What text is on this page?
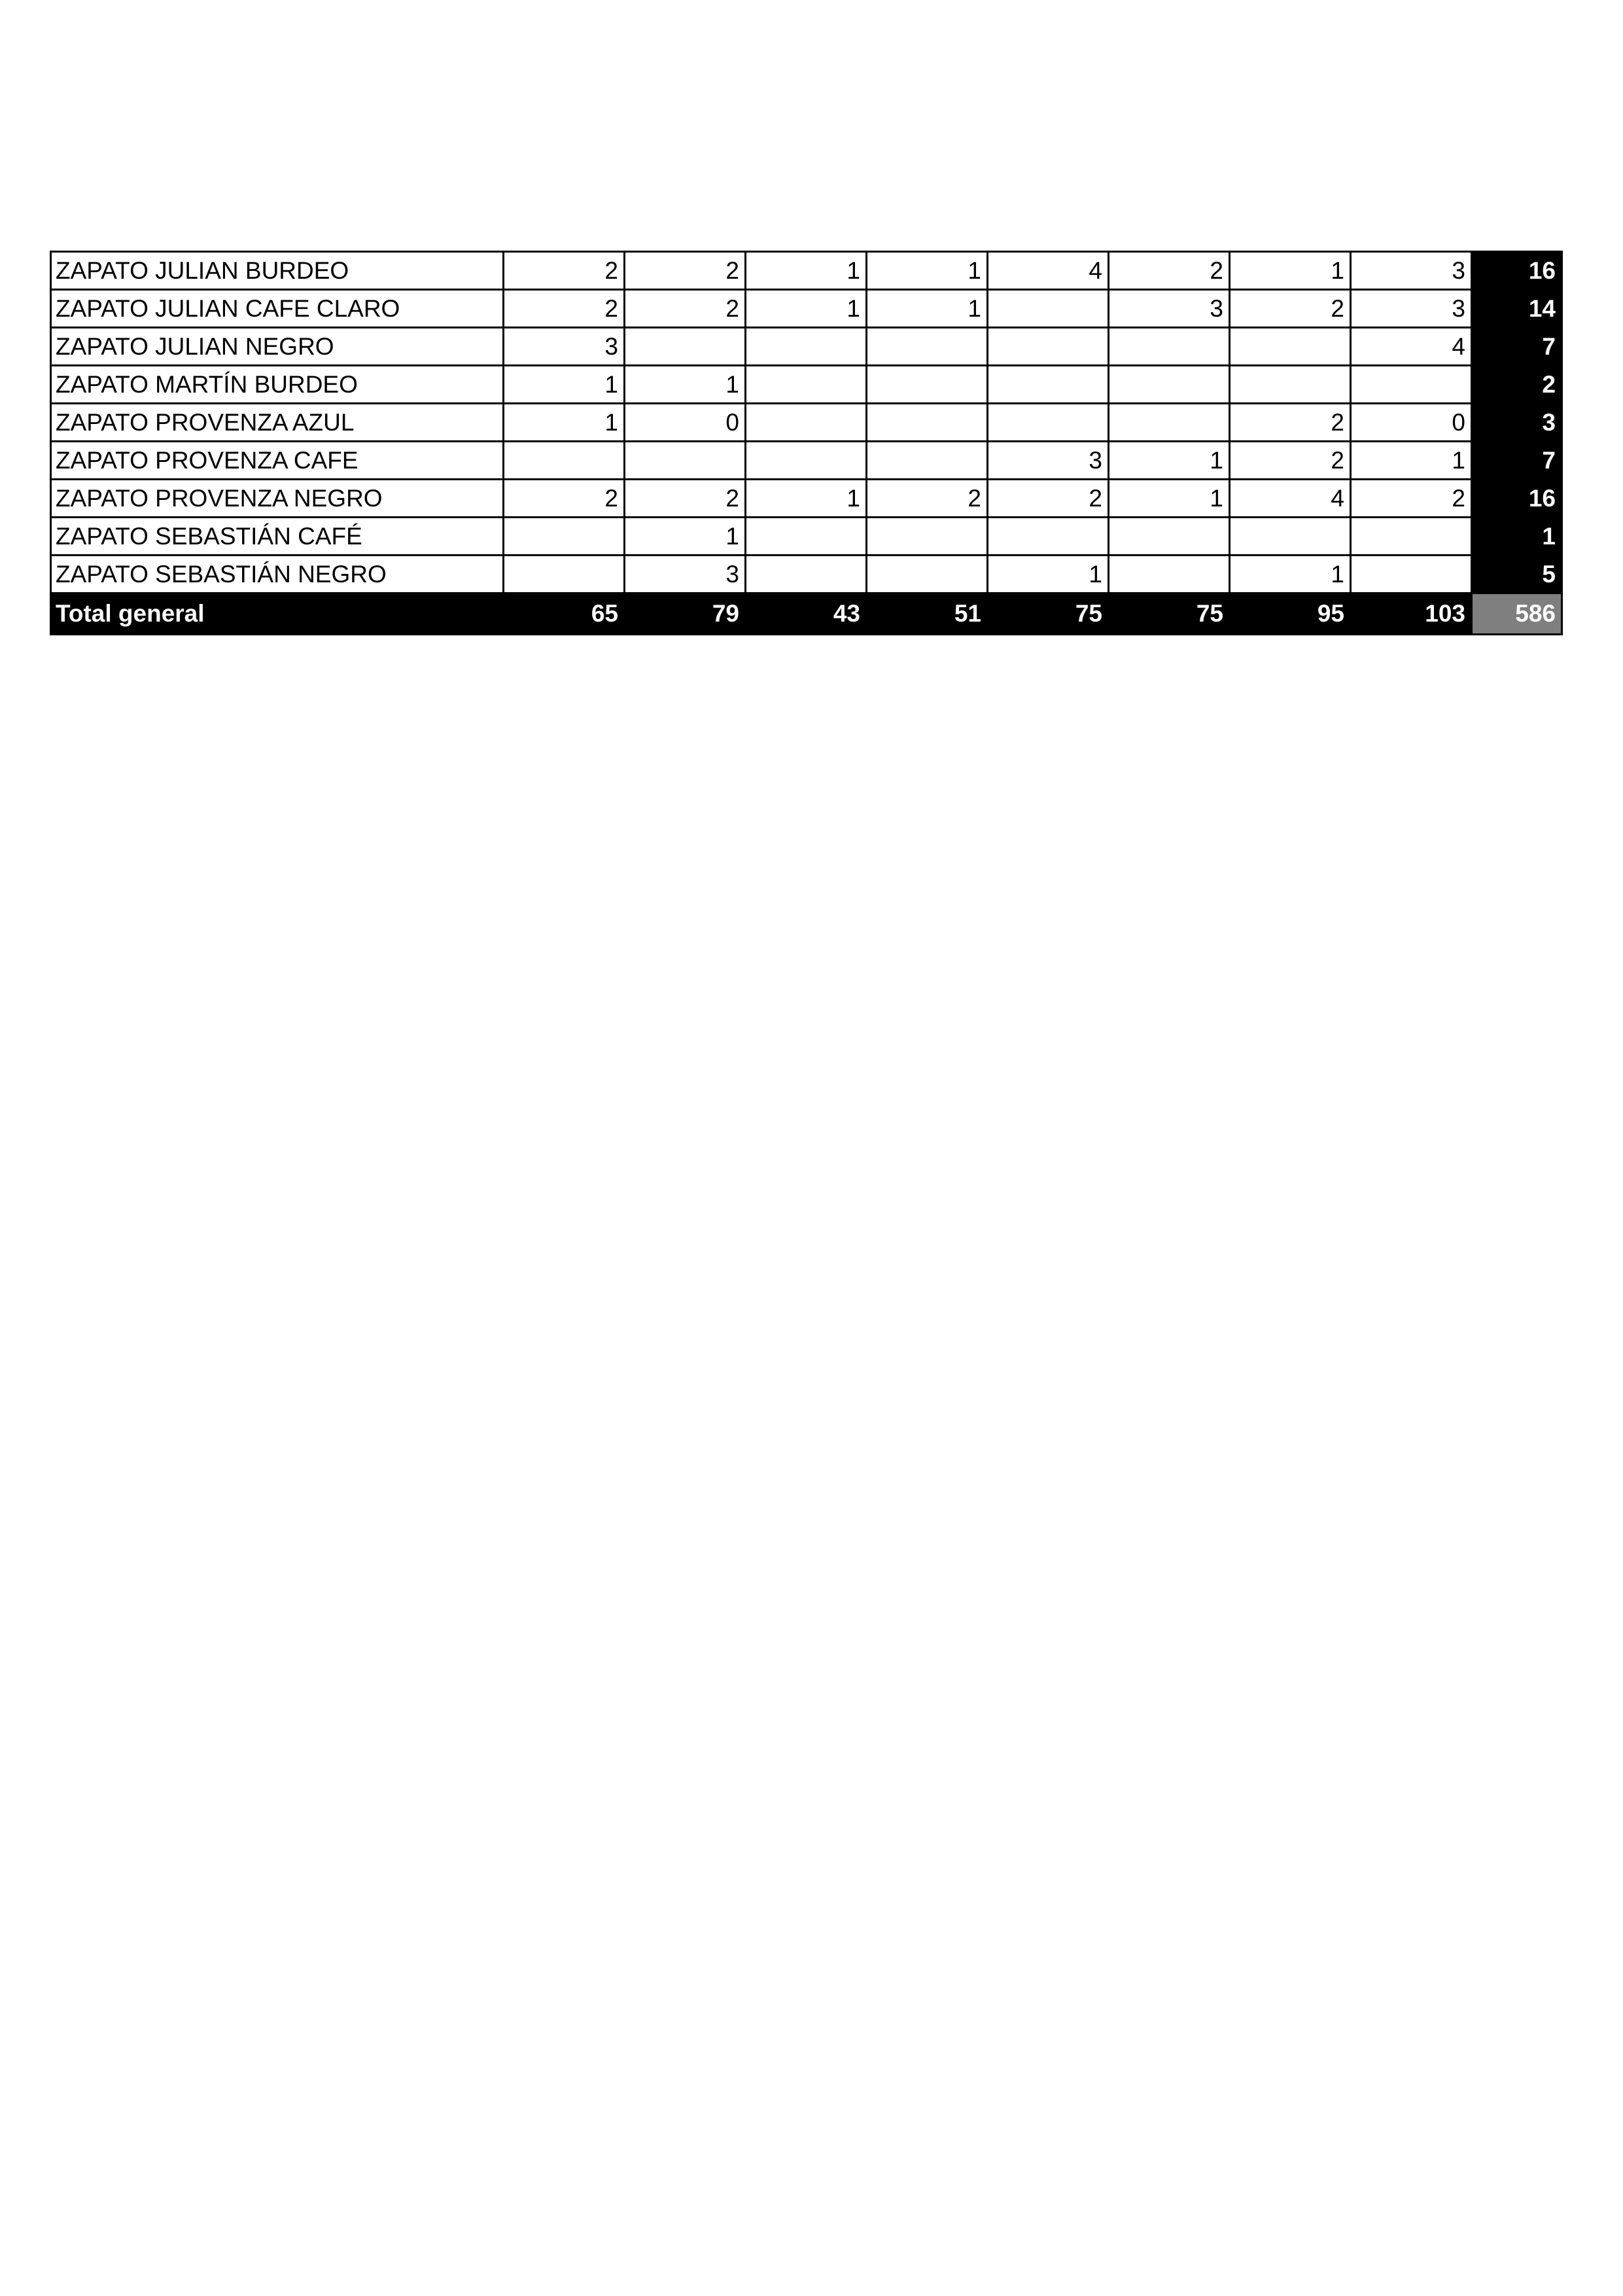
ZAPATO JULIAN BURDEO	2	2	1	1	4	2	1	3	16
ZAPATO JULIAN CAFE CLARO	2	2	1	1		3	2	3	14
ZAPATO JULIAN NEGRO	3							4	7
ZAPATO MARTÍN BURDEO	1	1							2
ZAPATO PROVENZA AZUL	1	0					2	0	3
ZAPATO PROVENZA CAFE					3	1	2	1	7
ZAPATO PROVENZA NEGRO	2	2	1	2	2	1	4	2	16
ZAPATO SEBASTIÁN CAFÉ		1							1
ZAPATO SEBASTIÁN NEGRO		3			1		1		5
Total general	65	79	43	51	75	75	95	103	586
